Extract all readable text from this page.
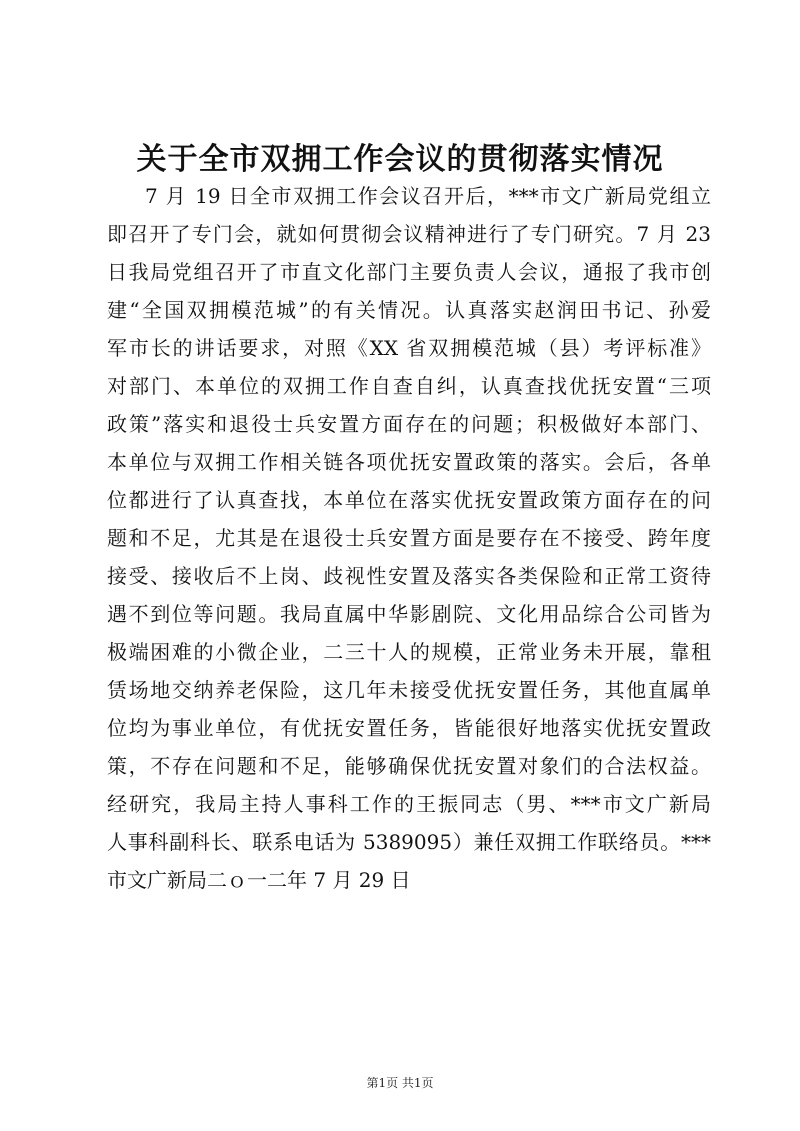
关于全市双拥工作会议的贯彻落实情况
7 月 19 日全市双拥工作会议召开后，***市文广新局党组立
即召开了专门会，就如何贯彻会议精神进行了专门研究。7 月 23
日我局党组召开了市直文化部门主要负责人会议，通报了我市创
建“全国双拥模范城”的有关情况。认真落实赵润田书记、孙爱
军市长的讲话要求，对照《XX 省双拥模范城（县）考评标准》
对部门、本单位的双拥工作自查自纠，认真查找优抚安置“三项
政策”落实和退役士兵安置方面存在的问题；积极做好本部门、
本单位与双拥工作相关链各项优抚安置政策的落实。会后，各单
位都进行了认真查找，本单位在落实优抚安置政策方面存在的问
题和不足，尤其是在退役士兵安置方面是要存在不接受、跨年度
接受、接收后不上岗、歧视性安置及落实各类保险和正常工资待
遇不到位等问题。我局直属中华影剧院、文化用品综合公司皆为
极端困难的小微企业，二三十人的规模，正常业务未开展，靠租
赁场地交纳养老保险，这几年未接受优抚安置任务，其他直属单
位均为事业单位，有优抚安置任务，皆能很好地落实优抚安置政
策，不存在问题和不足，能够确保优抚安置对象们的合法权益。
经研究，我局主持人事科工作的王振同志（男、***市文广新局
人事科副科长、联系电话为 5389095）兼任双拥工作联络员。***
市文广新局二ｏ一二年 7 月 29 日
第1页 共1页
